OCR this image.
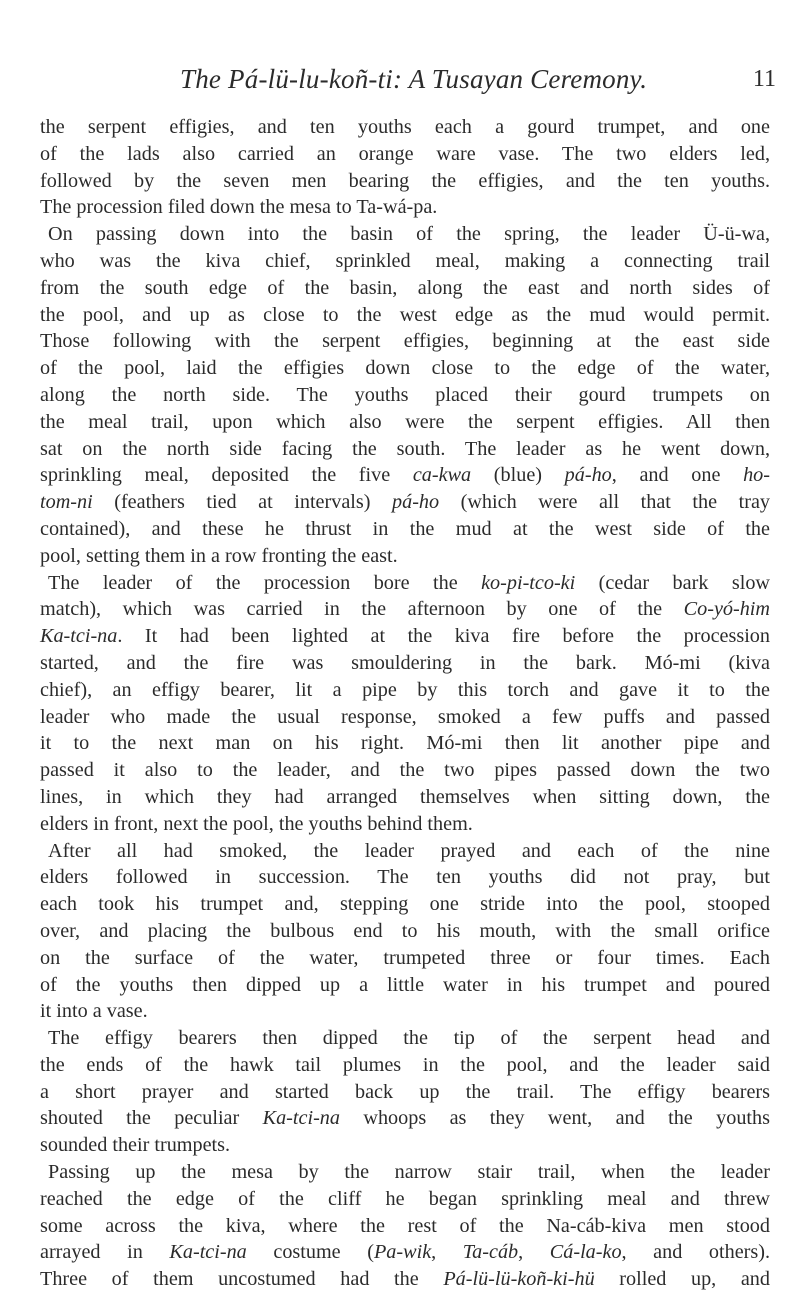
The Pá-lü-lu-koñ-ti: A Tusayan Ceremony.	11
the serpent effigies, and ten youths each a gourd trumpet, and one
of the lads also carried an orange ware vase. The two elders led,
followed by the seven men bearing the effigies, and the ten youths.
The procession filed down the mesa to Ta-wá-pa.
On passing down into the basin of the spring, the leader Ü-ü-wa,
who was the kiva chief, sprinkled meal, making a connecting trail
from the south edge of the basin, along the east and north sides of
the pool, and up as close to the west edge as the mud would permit.
Those following with the serpent effigies, beginning at the east side
of the pool, laid the effigies down close to the edge of the water,
along the north side. The youths placed their gourd trumpets on
the meal trail, upon which also were the serpent effigies. All then
sat on the north side facing the south. The leader as he went down,
sprinkling meal, deposited the five ca-kwa (blue) pá-ho, and one ho-
tom-ni (feathers tied at intervals) pá-ho (which were all that the tray
contained), and these he thrust in the mud at the west side of the
pool, setting them in a row fronting the east.
The leader of the procession bore the ko-pi-tco-ki (cedar bark slow
match), which was carried in the afternoon by one of the Co-yó-him
Ka-tci-na. It had been lighted at the kiva fire before the procession
started, and the fire was smouldering in the bark. Mó-mi (kiva
chief), an effigy bearer, lit a pipe by this torch and gave it to the
leader who made the usual response, smoked a few puffs and passed
it to the next man on his right. Mó-mi then lit another pipe and
passed it also to the leader, and the two pipes passed down the two
lines, in which they had arranged themselves when sitting down, the
elders in front, next the pool, the youths behind them.
After all had smoked, the leader prayed and each of the nine
elders followed in succession. The ten youths did not pray, but
each took his trumpet and, stepping one stride into the pool, stooped
over, and placing the bulbous end to his mouth, with the small orifice
on the surface of the water, trumpeted three or four times. Each
of the youths then dipped up a little water in his trumpet and poured
it into a vase.
The effigy bearers then dipped the tip of the serpent head and
the ends of the hawk tail plumes in the pool, and the leader said
a short prayer and started back up the trail. The effigy bearers
shouted the peculiar Ka-tci-na whoops as they went, and the youths
sounded their trumpets.
Passing up the mesa by the narrow stair trail, when the leader
reached the edge of the cliff he began sprinkling meal and threw
some across the kiva, where the rest of the Na-cáb-kiva men stood
arrayed in Ka-tci-na costume (Pa-wik, Ta-cáb, Cá-la-ko, and others).
Three of them uncostumed had the Pá-lü-lü-koñ-ki-hü rolled up, and
